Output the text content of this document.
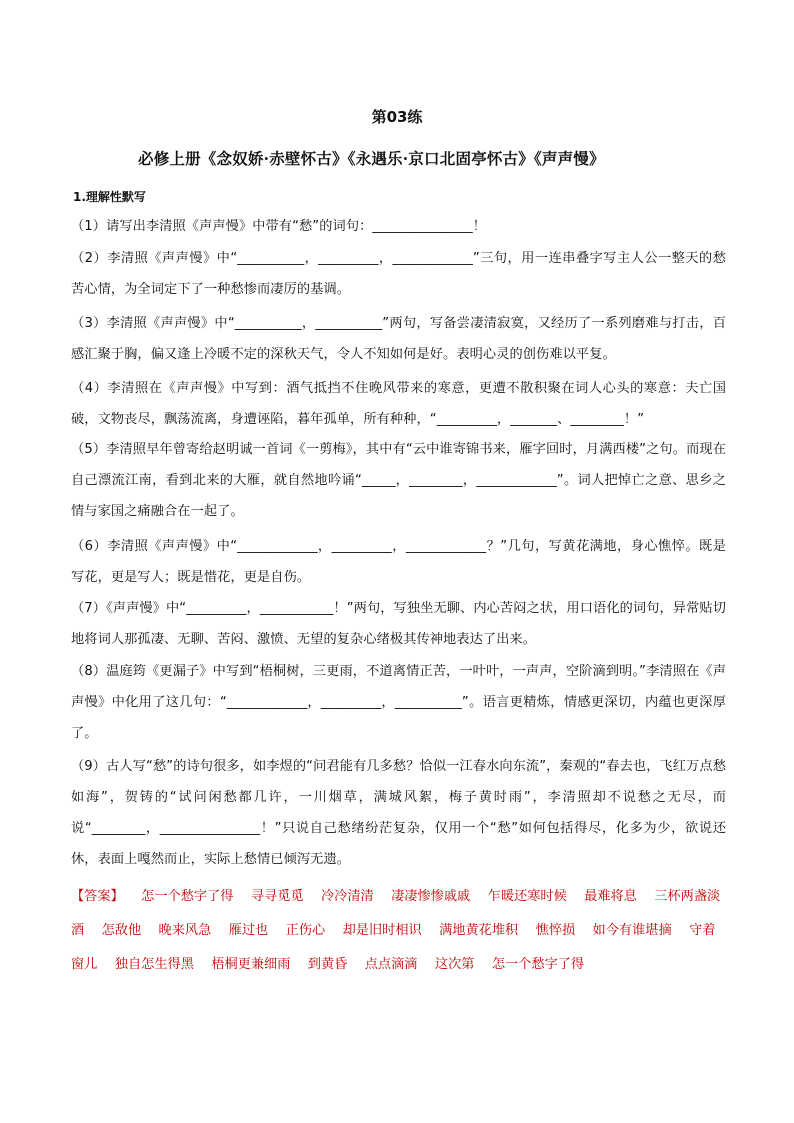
第03练
必修上册《念奴娇·赤壁怀古》《永遇乐·京口北固亭怀古》《声声慢》
1.理解性默写
（1）请写出李清照《声声慢》中带有“愁”的词句：_______________！
（2）李清照《声声慢》中“__________，_________，____________”三句，用一连串叠字写主人公一整天的愁苦心情，为全词定下了一种愁惨而凄厉的基调。
（3）李清照《声声慢》中“__________，__________”两句，写备尝凄清寂寞，又经历了一系列磨难与打击，百感汇聚于胸，偏又逢上冷暖不定的深秋天气，令人不知如何是好。表明心灵的创伤难以平复。
（4）李清照在《声声慢》中写到：酒气抵挡不住晚风带来的寒意，更遭不散积聚在词人心头的寒意：夫亡国破，文物丧尽，飘荡流离，身遭诬陷，暮年孤单，所有种种，“_________，_______、________！”
（5）李清照早年曾寄给赵明诚一首词《一剪梅》，其中有“云中谁寄锦书来，雁字回时，月满西楼”之句。而现在自己漂流江南，看到北来的大雁，就自然地吟诵“_____，________，____________”。词人把悼亡之意、思乡之情与家国之痛融合在一起了。
（6）李清照《声声慢》中“____________，_________，____________？”几句，写黄花满地，身心憔悴。既是写花，更是写人；既是惜花，更是自伤。
（7）《声声慢》中“_________，___________！”两句，写独坐无聊、内心苦闷之状，用口语化的词句，异常贴切地将词人那孤凄、无聊、苦闷、激愤、无望的复杂心绪极其传神地表达了出来。
（8）温庭筠《更漏子》中写到“梧桐树，三更雨，不道离情正苦，一叶叶，一声声，空阶滴到明。”李清照在《声声慢》中化用了这几句：“____________，_________，__________”。语言更精炼，情感更深切，内蕴也更深厚了。
（9）古人写“愁”的诗句很多，如李煜的“问君能有几多愁？恰似一江春水向东流”，秦观的“春去也，飞红万点愁如海”，贺铸的“试问闲愁都几许，一川烟草，满城风絮，梅子黄时雨”，李清照却不说愁之无尽，而说“________，_______________！”只说自己愁绪纷茫复杂，仅用一个“愁”如何包括得尽，化多为少，欲说还休，表面上嘎然而止，实际上愁情已倾泻无遗。
【答案】 　怎一个愁字了得 　寻寻觅觅 　冷冷清清 　凄凄惨惨戚戚 　乍暖还寒时候 　最难将息 　三杯两盏淡酒 　怎敌他 　晚来风急 　雁过也 　正伤心 　却是旧时相识 　满地黄花堆积 　憔悴损 　如今有谁堪摘 　守着窗儿 　独自怎生得黑 　梧桐更兼细雨 　到黄昏 　点点滴滴 　这次第 　怎一个愁字了得
